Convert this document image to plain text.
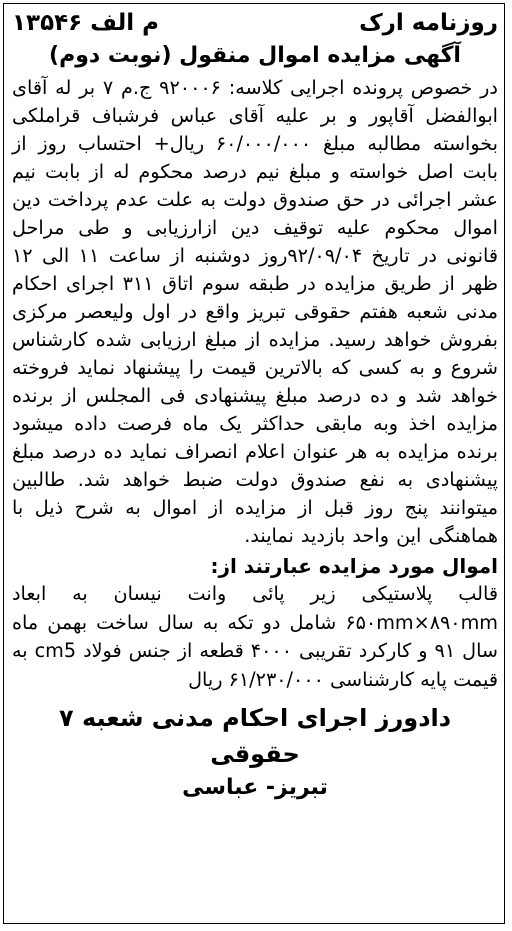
روزنامه ارک
م الف ۱۳۵۴۶
آگهی مزایده اموال منقول (نوبت دوم)
در خصوص پرونده اجرایی کلاسه: ۹۲۰۰۰۶ ج.م ۷ بر له آقای ابوالفضل آقاپور و بر علیه آقای عباس فرشباف قراملکی بخواسته مطالبه مبلغ ۶۰/۰۰۰/۰۰۰ ریال+ احتساب روز از بابت اصل خواسته و مبلغ نیم درصد محکوم له از بابت نیم عشر اجرائی در حق صندوق دولت به علت عدم پرداخت دین اموال محکوم علیه توقیف دین ازارزیابی و طی مراحل قانونی در تاریخ ۹۲/۰۹/۰۴روز دوشنبه از ساعت ۱۱ الی ۱۲ ظهر از طریق مزایده در طبقه سوم اتاق ۳۱۱ اجرای احکام مدنی شعبه هفتم حقوقی تبریز واقع در اول ولیعصر مرکزی بفروش خواهد رسید. مزایده از مبلغ ارزیابی شده کارشناس شروع و به کسی که بالاترین قیمت را پیشنهاد نماید فروخته خواهد شد و ده درصد مبلغ پیشنهادی فی المجلس از برنده مزایده اخذ وبه مابقی حداکثر یک ماه فرصت داده میشود برنده مزایده به هر عنوان اعلام انصراف نماید ده درصد مبلغ پیشنهادی به نفع صندوق دولت ضبط خواهد شد. طالبین میتوانند پنج روز قبل از مزایده از اموال به شرح ذیل با هماهنگی این واحد بازدید نمایند.
اموال مورد مزایده عبارتند از:
قالب پلاستیکی زیر پائی وانت نیسان به ابعاد ۶۵۰mm×۸۹۰mm شامل دو تکه به سال ساخت بهمن ماه سال ۹۱ و کارکرد تقریبی ۴۰۰۰ قطعه از جنس فولاد cm5 به قیمت پایه کارشناسی ۶۱/۲۳۰/۰۰۰ ریال
دادورز اجرای احکام مدنی شعبه ۷ حقوقی
تبریز- عباسی
